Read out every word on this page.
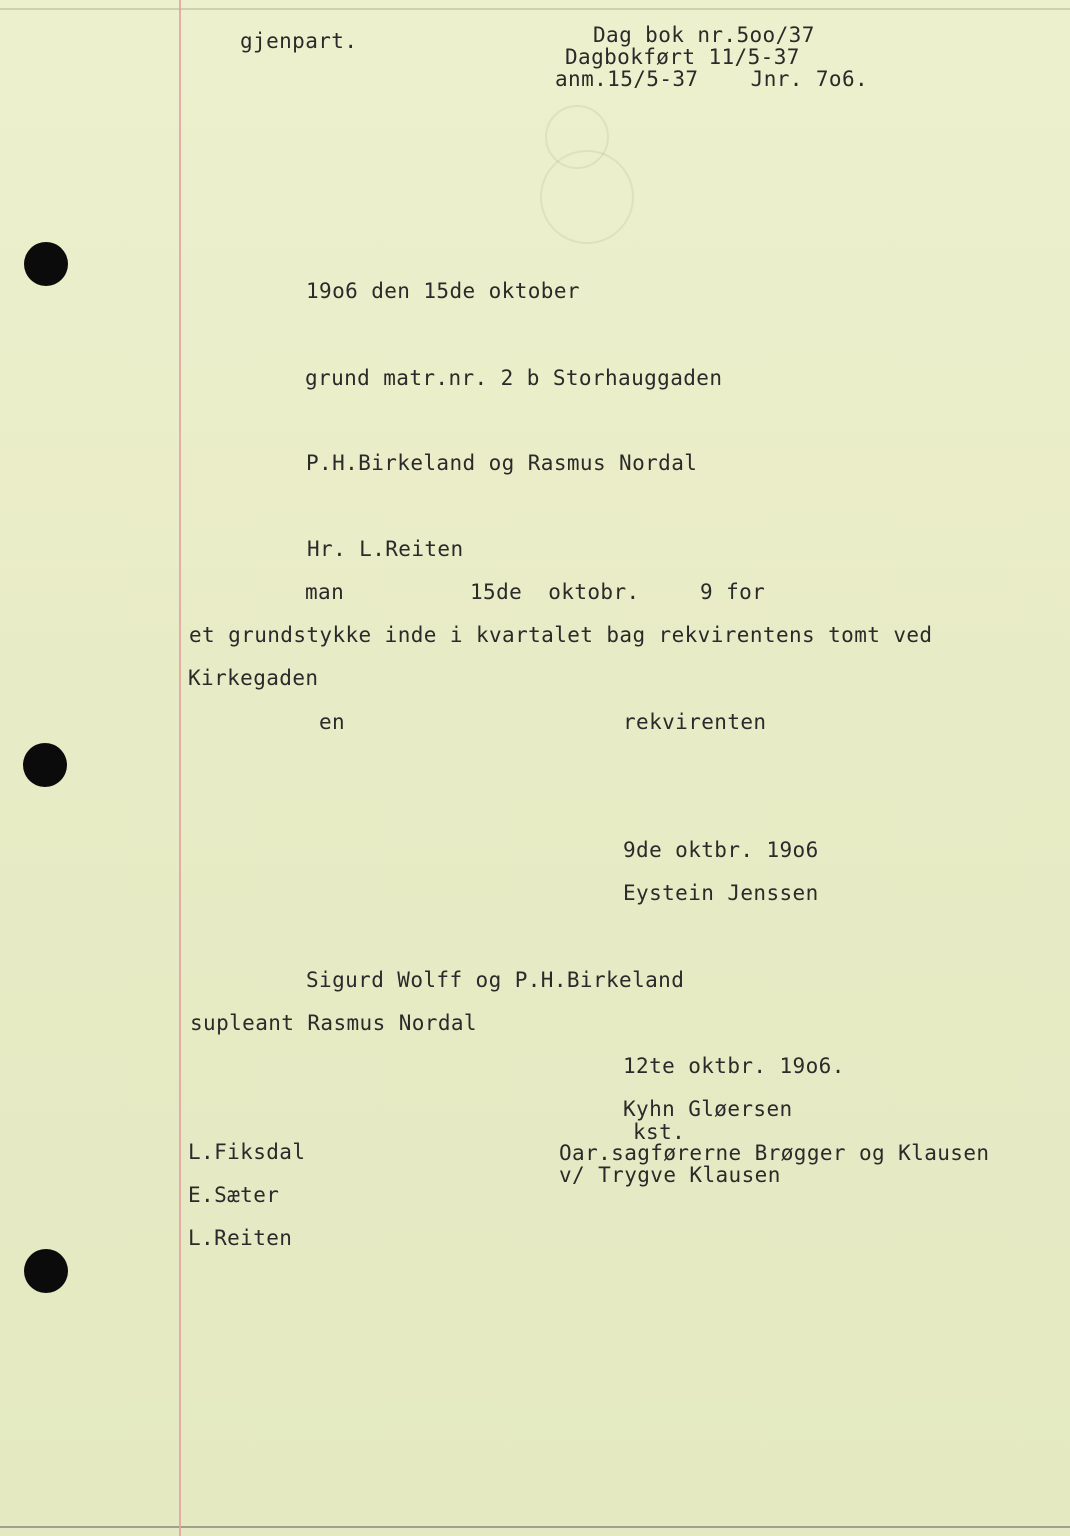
gjenpart.	Dag bok nr.5oo/37
Dagbokført 11/5-37
anm.15/5-37    Jnr. 7o6.
19o6 den 15de oktober
grund matr.nr. 2 b Storhauggaden
P.H.Birkeland og Rasmus Nordal
Hr. L.Reiten
man	15de  oktobr.	9 for
et grundstykke inde i kvartalet bag rekvirentens tomt ved
Kirkegaden
en	rekvirenten
9de oktbr. 19o6
Eystein Jenssen
Sigurd Wolff og P.H.Birkeland
supleant Rasmus Nordal
12te oktbr. 19o6.
Kyhn Gløersen
kst.
Oar.sagførerne Brøgger og Klausen
v/ Trygve Klausen
L.Fiksdal
E.Sæter
L.Reiten
